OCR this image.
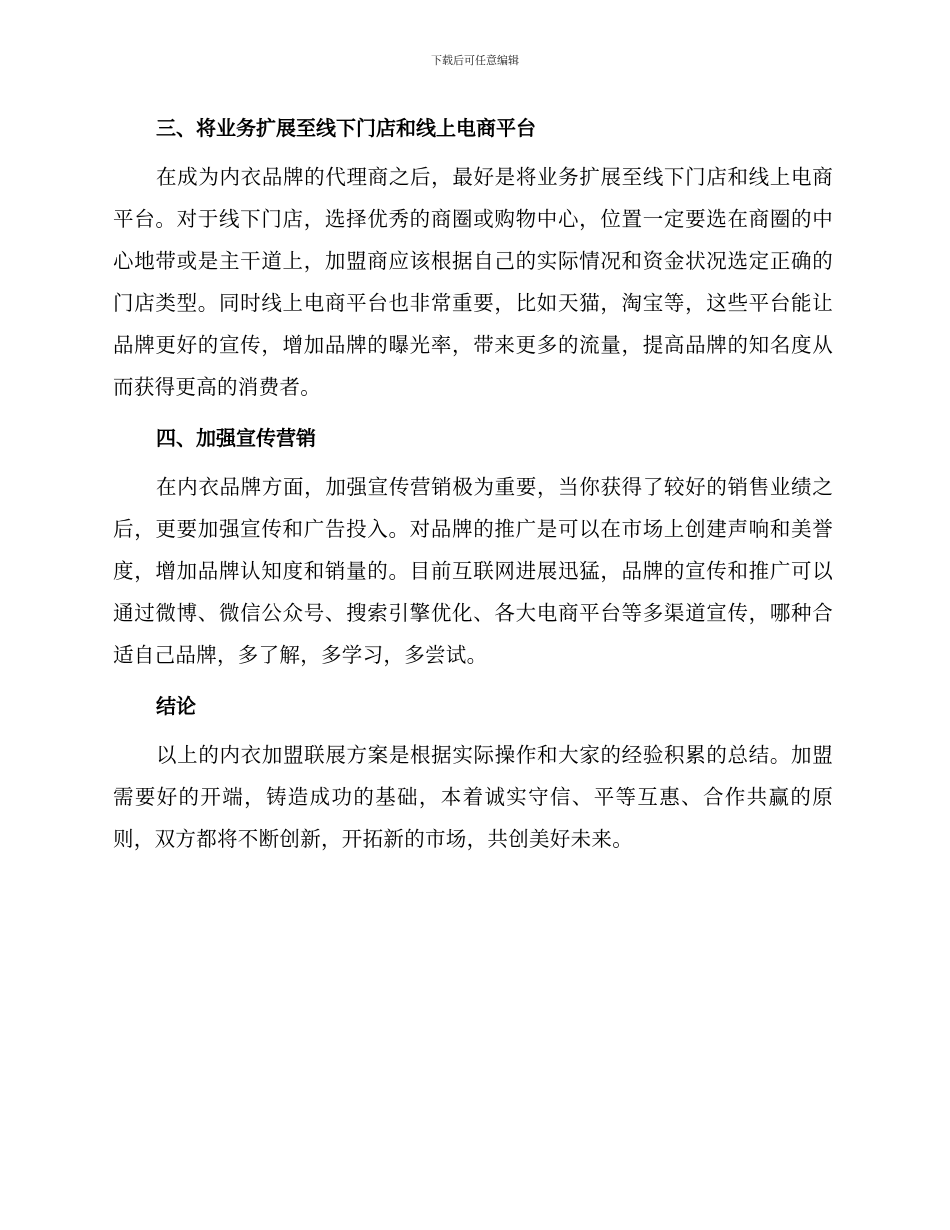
下载后可任意编辑
三、将业务扩展至线下门店和线上电商平台

在成为内衣品牌的代理商之后，最好是将业务扩展至线下门店和线上电商平台。对于线下门店，选择优秀的商圈或购物中心，位置一定要选在商圈的中心地带或是主干道上，加盟商应该根据自己的实际情况和资金状况选定正确的门店类型。同时线上电商平台也非常重要，比如天猫，淘宝等，这些平台能让品牌更好的宣传，增加品牌的曝光率，带来更多的流量，提高品牌的知名度从而获得更高的消费者。

四、加强宣传营销

在内衣品牌方面，加强宣传营销极为重要，当你获得了较好的销售业绩之后，更要加强宣传和广告投入。对品牌的推广是可以在市场上创建声响和美誉度，增加品牌认知度和销量的。目前互联网进展迅猛，品牌的宣传和推广可以通过微博、微信公众号、搜索引擎优化、各大电商平台等多渠道宣传，哪种合适自己品牌，多了解，多学习，多尝试。

结论

以上的内衣加盟联展方案是根据实际操作和大家的经验积累的总结。加盟需要好的开端，铸造成功的基础，本着诚实守信、平等互惠、合作共赢的原则，双方都将不断创新，开拓新的市场，共创美好未来。
